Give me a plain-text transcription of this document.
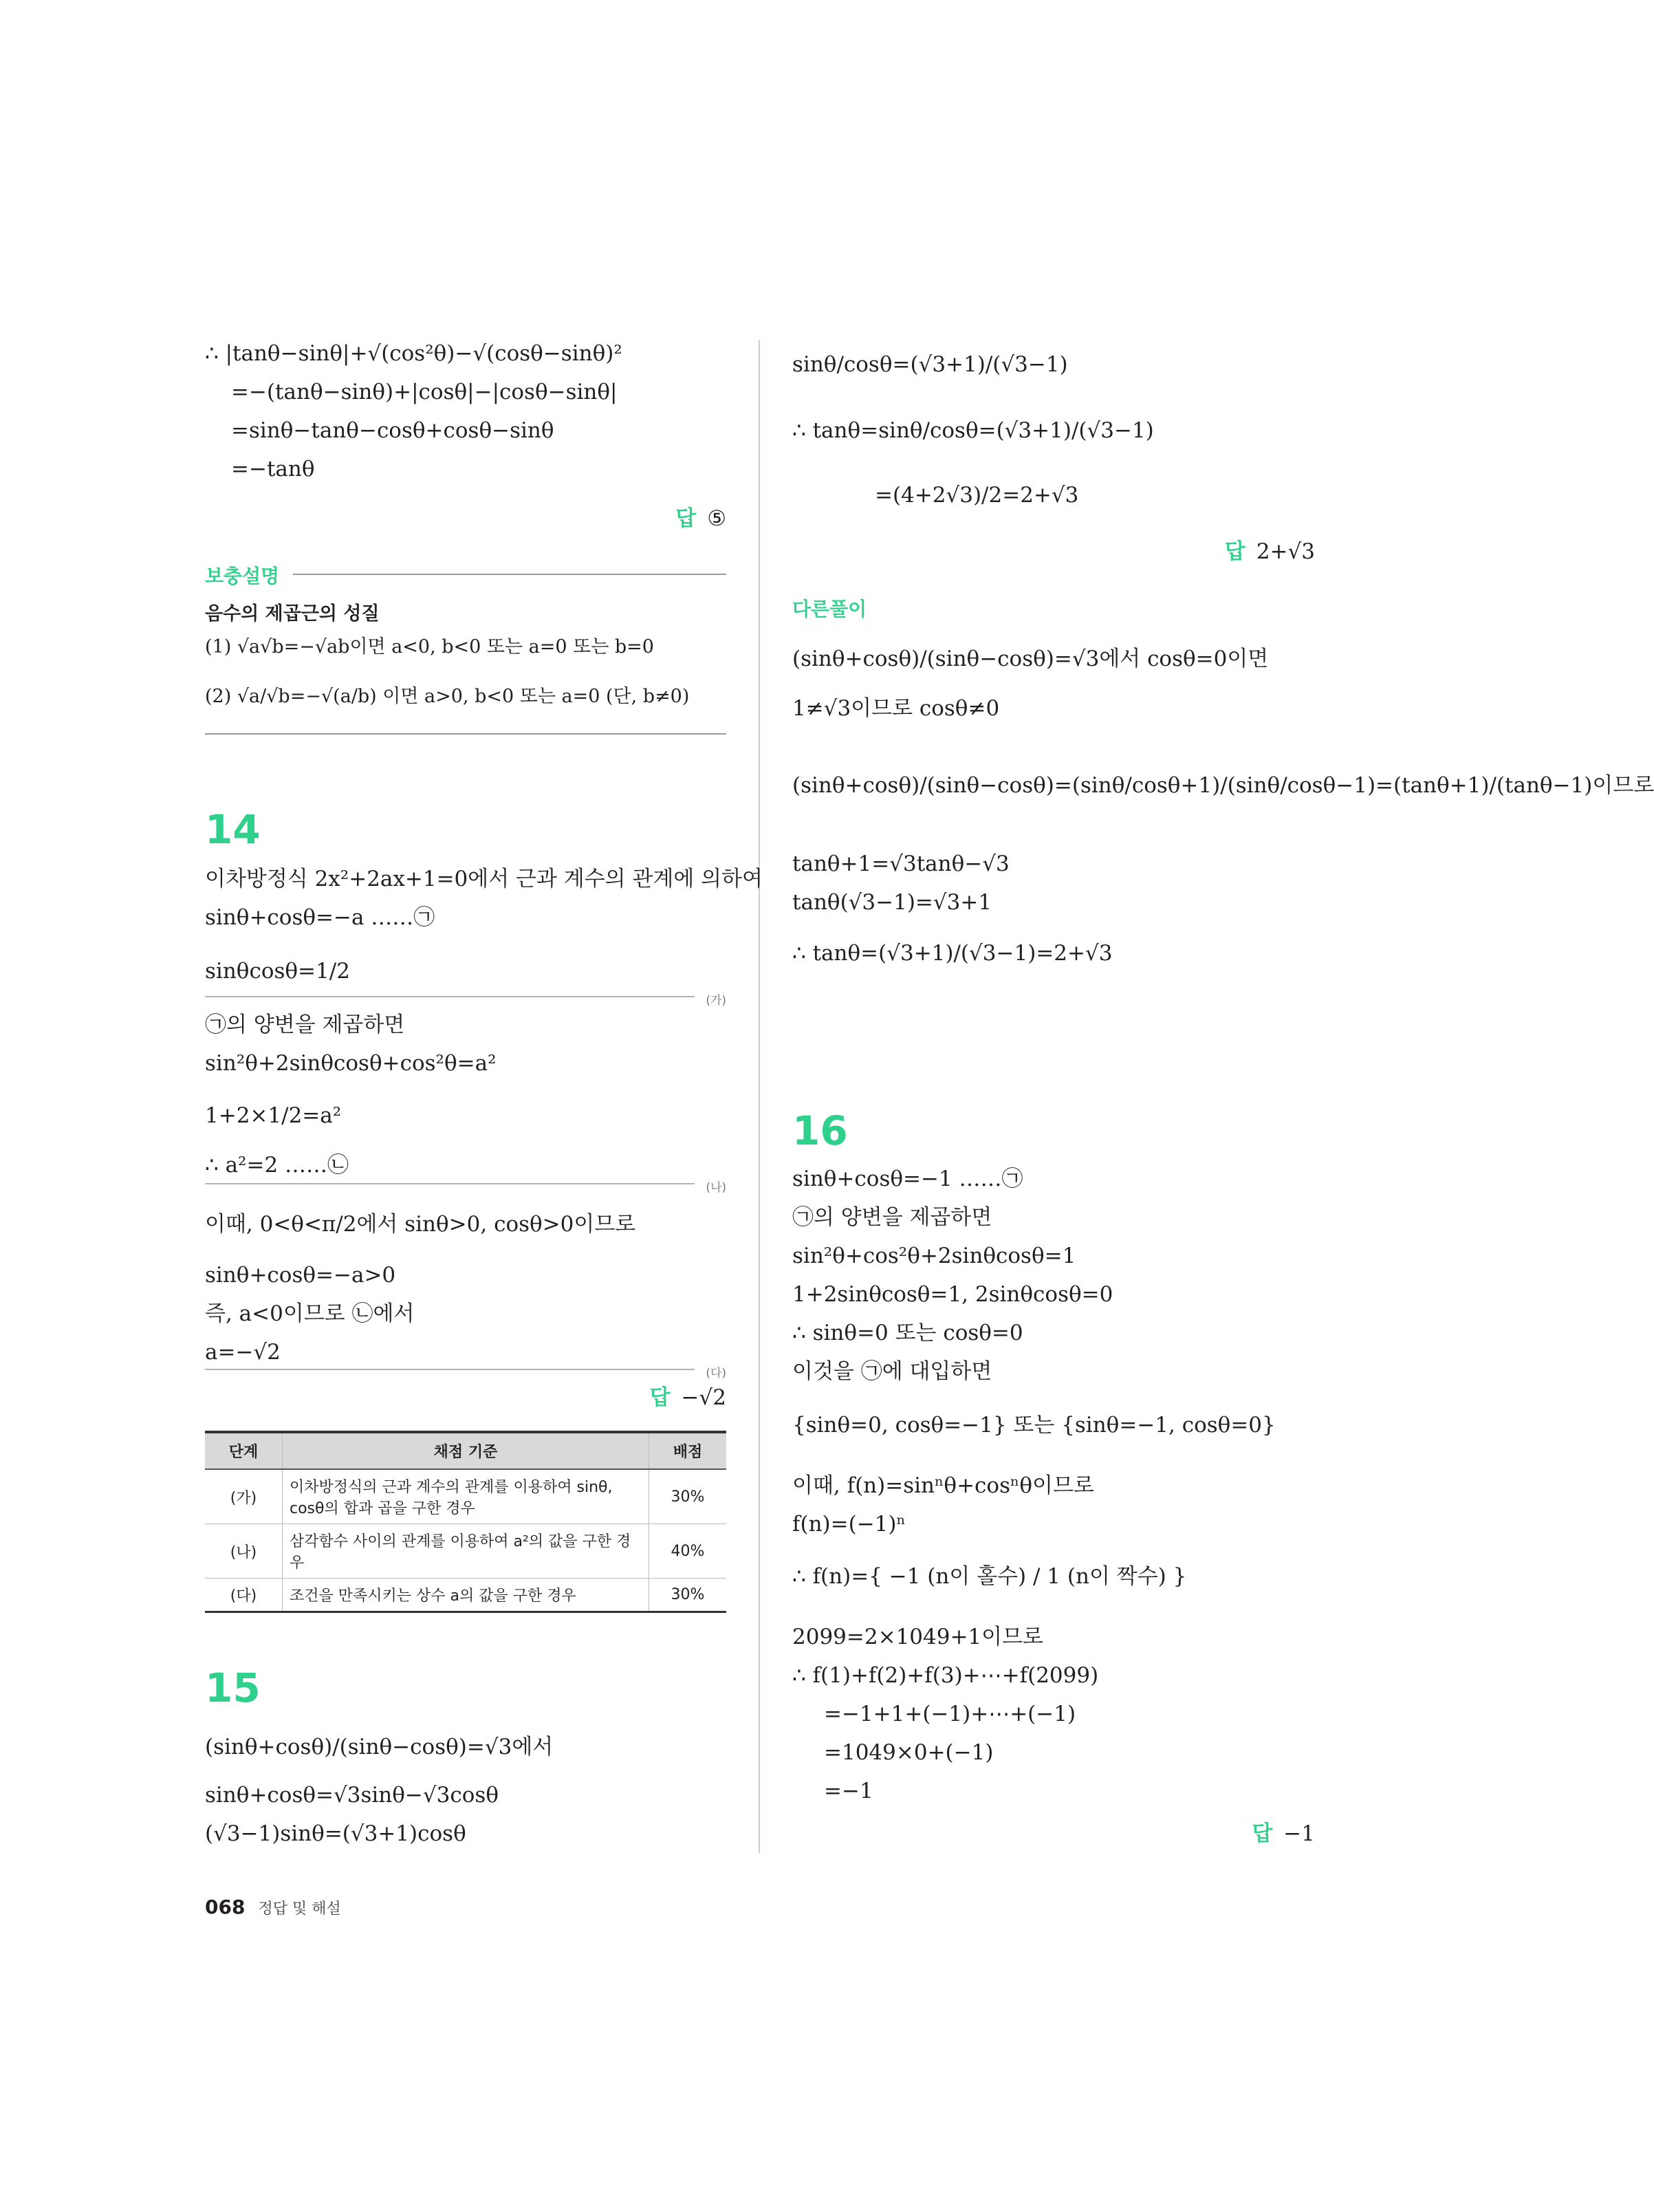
∴ |tanθ−sinθ|+√(cos²θ)−√(cosθ−sinθ)²
=−(tanθ−sinθ)+|cosθ|−|cosθ−sinθ|
=sinθ−tanθ−cosθ+cosθ−sinθ
=−tanθ
답 ⑤
보충설명
음수의 제곱근의 성질
(1) √a√b=−√ab이면 a<0, b<0 또는 a=0 또는 b=0
(2) √a/√b=−√(a/b) 이면 a>0, b<0 또는 a=0 (단, b≠0)
14
이차방정식 2x²+2ax+1=0에서 근과 계수의 관계에 의하여
sinθ+cosθ=−a ……㉠
sinθcosθ=1/2
(가)
㉠의 양변을 제곱하면
sin²θ+2sinθcosθ+cos²θ=a²
1+2×1/2=a²
∴ a²=2 ……㉡
(나)
이때, 0<θ<π/2에서 sinθ>0, cosθ>0이므로
sinθ+cosθ=−a>0
즉, a<0이므로 ㉡에서
a=−√2
(다)
답 −√2
단계	채점 기준	배점
(가)	이차방정식의 근과 계수의 관계를 이용하여 sinθ, cosθ의 합과 곱을 구한 경우	30%
(나)	삼각함수 사이의 관계를 이용하여 a²의 값을 구한 경우	40%
(다)	조건을 만족시키는 상수 a의 값을 구한 경우	30%
15
(sinθ+cosθ)/(sinθ−cosθ)=√3에서
sinθ+cosθ=√3sinθ−√3cosθ
(√3−1)sinθ=(√3+1)cosθ
sinθ/cosθ=(√3+1)/(√3−1)
∴ tanθ=sinθ/cosθ=(√3+1)/(√3−1)
=(4+2√3)/2=2+√3
답 2+√3
다른풀이
(sinθ+cosθ)/(sinθ−cosθ)=√3에서 cosθ=0이면
1≠√3이므로 cosθ≠0
(sinθ+cosθ)/(sinθ−cosθ)=(sinθ/cosθ+1)/(sinθ/cosθ−1)=(tanθ+1)/(tanθ−1)이므로
tanθ+1=√3tanθ−√3
tanθ(√3−1)=√3+1
∴ tanθ=(√3+1)/(√3−1)=2+√3
16
sinθ+cosθ=−1 ……㉠
㉠의 양변을 제곱하면
sin²θ+cos²θ+2sinθcosθ=1
1+2sinθcosθ=1, 2sinθcosθ=0
∴ sinθ=0 또는 cosθ=0
이것을 ㉠에 대입하면
{sinθ=0, cosθ=−1} 또는 {sinθ=−1, cosθ=0}
이때, f(n)=sinⁿθ+cosⁿθ이므로
f(n)=(−1)ⁿ
∴ f(n)={ −1 (n이 홀수) / 1 (n이 짝수) }
2099=2×1049+1이므로
∴ f(1)+f(2)+f(3)+⋯+f(2099)
=−1+1+(−1)+⋯+(−1)
=1049×0+(−1)
=−1
답 −1
068 정답 및 해설
